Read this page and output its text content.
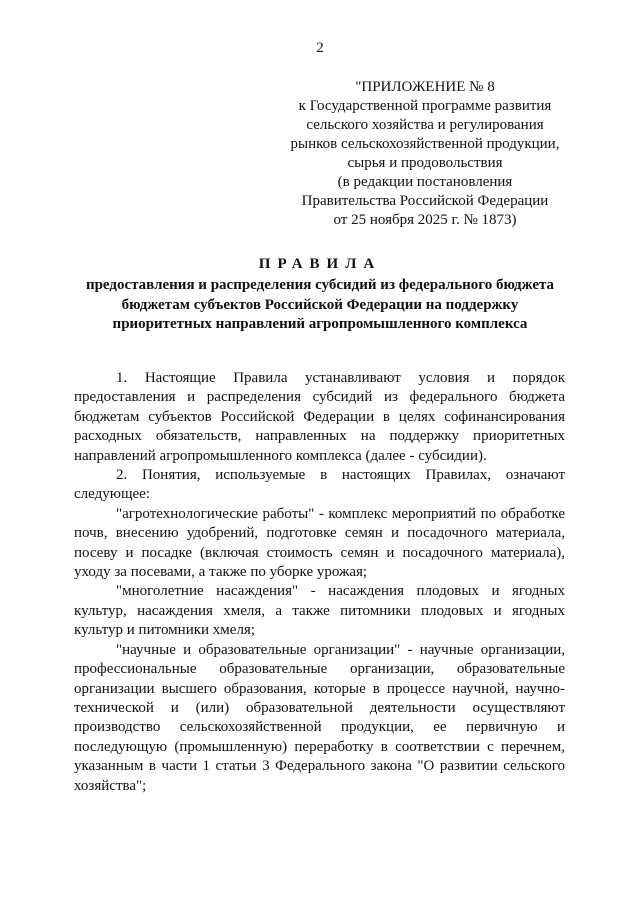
2
"ПРИЛОЖЕНИЕ № 8
к Государственной программе развития
сельского хозяйства и регулирования
рынков сельскохозяйственной продукции,
сырья и продовольствия
(в редакции постановления
Правительства Российской Федерации
от 25 ноября 2025 г. № 1873)
ПРАВИЛА
предоставления и распределения субсидий из федерального бюджета
бюджетам субъектов Российской Федерации на поддержку
приоритетных направлений агропромышленного комплекса

1. Настоящие Правила устанавливают условия и порядок предоставления и распределения субсидий из федерального бюджета бюджетам субъектов Российской Федерации в целях софинансирования расходных обязательств, направленных на поддержку приоритетных направлений агропромышленного комплекса (далее - субсидии).

2. Понятия, используемые в настоящих Правилах, означают следующее:

"агротехнологические работы" - комплекс мероприятий по обработке почв, внесению удобрений, подготовке семян и посадочного материала, посеву и посадке (включая стоимость семян и посадочного материала), уходу за посевами, а также по уборке урожая;

"многолетние насаждения" - насаждения плодовых и ягодных культур, насаждения хмеля, а также питомники плодовых и ягодных культур и питомники хмеля;

"научные и образовательные организации" - научные организации, профессиональные образовательные организации, образовательные организации высшего образования, которые в процессе научной, научно-технической и (или) образовательной деятельности осуществляют производство сельскохозяйственной продукции, ее первичную и последующую (промышленную) переработку в соответствии с перечнем, указанным в части 1 статьи 3 Федерального закона "О развитии сельского хозяйства";
